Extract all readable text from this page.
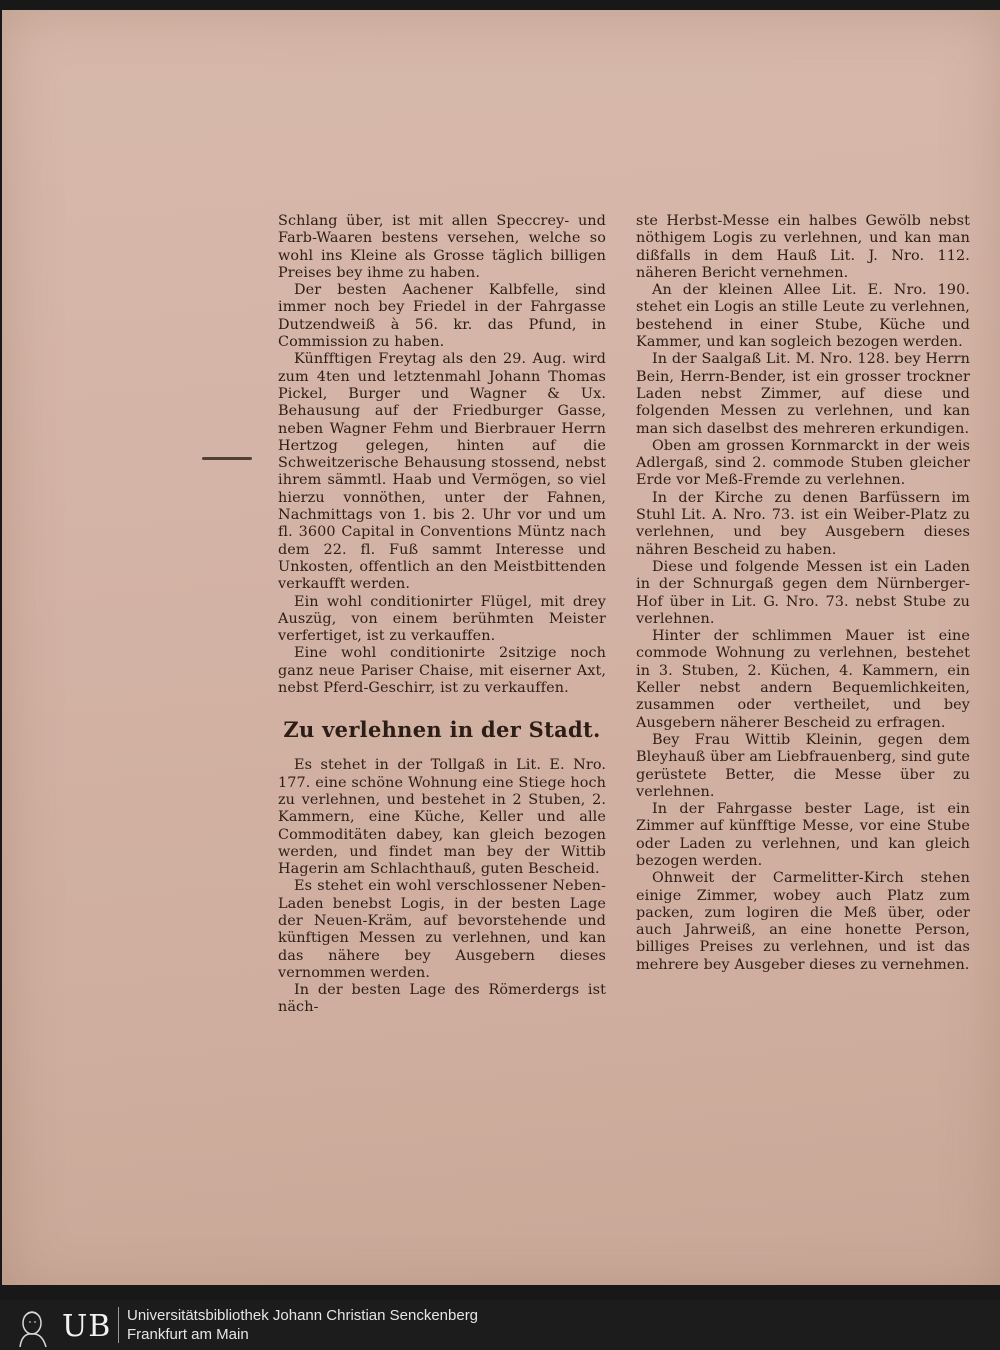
Schlang über, ist mit allen Speccrey- und Farb-Waaren bestens versehen, welche so wohl ins Kleine als Grosse täglich billigen Preises bey ihme zu haben.

Der besten Aachener Kalbfelle, sind immer noch bey Friedel in der Fahrgasse Dutzendweiß à 56. kr. das Pfund, in Commission zu haben.

Künfftigen Freytag als den 29. Aug. wird zum 4ten und letztenmahl Johann Thomas Pickel, Burger und Wagner & Ux. Behausung auf der Friedburger Gasse, neben Wagner Fehm und Bierbrauer Herrn Hertzog gelegen, hinten auf die Schweitzerische Behausung stossend, nebst ihrem sämmtl. Haab und Vermögen, so viel hierzu vonnöthen, unter der Fahnen, Nachmittags von 1. bis 2. Uhr vor und um fl. 3600 Capital in Conventions Müntz nach dem 22. fl. Fuß sammt Interesse und Unkosten, offentlich an den Meistbittenden verkaufft werden.

Ein wohl conditionirter Flügel, mit drey Auszüg, von einem berühmten Meister verfertiget, ist zu verkauffen.

Eine wohl conditionirte 2sitzige noch ganz neue Pariser Chaise, mit eiserner Axt, nebst Pferd-Geschirr, ist zu verkauffen.

Zu verlehnen in der Stadt.

Es stehet in der Tollgaß in Lit. E. Nro. 177. eine schöne Wohnung eine Stiege hoch zu verlehnen, und bestehet in 2 Stuben, 2. Kammern, eine Küche, Keller und alle Commoditäten dabey, kan gleich bezogen werden, und findet man bey der Wittib Hagerin am Schlachthauß, guten Bescheid.

Es stehet ein wohl verschlossener Neben-Laden benebst Logis, in der besten Lage der Neuen-Kräm, auf bevorstehende und künftigen Messen zu verlehnen, und kan das nähere bey Ausgebern dieses vernommen werden.

In der besten Lage des Römerdergs ist näch-

ste Herbst-Messe ein halbes Gewölb nebst nöthigem Logis zu verlehnen, und kan man dißfalls in dem Hauß Lit. J. Nro. 112. näheren Bericht vernehmen.

An der kleinen Allee Lit. E. Nro. 190. stehet ein Logis an stille Leute zu verlehnen, bestehend in einer Stube, Küche und Kammer, und kan sogleich bezogen werden.

In der Saalgaß Lit. M. Nro. 128. bey Herrn Bein, Herrn-Bender, ist ein grosser trockner Laden nebst Zimmer, auf diese und folgenden Messen zu verlehnen, und kan man sich daselbst des mehreren erkundigen.

Oben am grossen Kornmarckt in der weis Adlergaß, sind 2. commode Stuben gleicher Erde vor Meß-Fremde zu verlehnen.

In der Kirche zu denen Barfüssern im Stuhl Lit. A. Nro. 73. ist ein Weiber-Platz zu verlehnen, und bey Ausgebern dieses nähren Bescheid zu haben.

Diese und folgende Messen ist ein Laden in der Schnurgaß gegen dem Nürnberger-Hof über in Lit. G. Nro. 73. nebst Stube zu verlehnen.

Hinter der schlimmen Mauer ist eine commode Wohnung zu verlehnen, bestehet in 3. Stuben, 2. Küchen, 4. Kammern, ein Keller nebst andern Bequemlichkeiten, zusammen oder vertheilet, und bey Ausgebern näherer Bescheid zu erfragen.

Bey Frau Wittib Kleinin, gegen dem Bleyhauß über am Liebfrauenberg, sind gute gerüstete Better, die Messe über zu verlehnen.

In der Fahrgasse bester Lage, ist ein Zimmer auf künfftige Messe, vor eine Stube oder Laden zu verlehnen, und kan gleich bezogen werden.

Ohnweit der Carmelitter-Kirch stehen einige Zimmer, wobey auch Platz zum packen, zum logiren die Meß über, oder auch Jahrweiß, an eine honette Person, billiges Preises zu verlehnen, und ist das mehrere bey Ausgeber dieses zu vernehmen.

UB Universitätsbibliothek Johann Christian Senckenberg
Frankfurt am Main
